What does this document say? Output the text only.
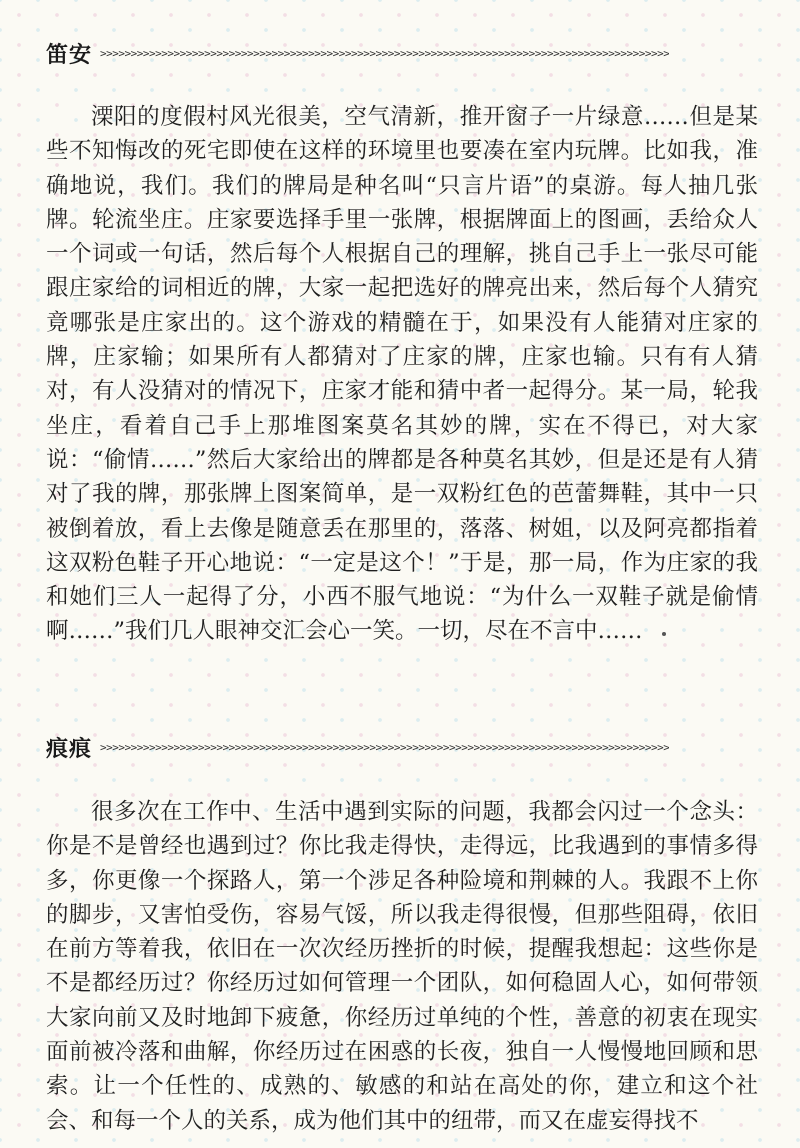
笛安 >>>>>>>>>>>>>>>>>>>>>>>>>>>>>>>>>>>>>>>>>>>>>>>>>>>>>>>>>>>>>>>>>>>>>>>>>>>>>>>>>>>>>>>>>>>>>

溧阳的度假村风光很美，空气清新，推开窗子一片绿意……但是某些不知悔改的死宅即使在这样的环境里也要凑在室内玩牌。比如我，准确地说，我们。我们的牌局是种名叫“只言片语”的桌游。每人抽几张牌。轮流坐庄。庄家要选择手里一张牌，根据牌面上的图画，丢给众人一个词或一句话，然后每个人根据自己的理解，挑自己手上一张尽可能跟庄家给的词相近的牌，大家一起把选好的牌亮出来，然后每个人猜究竟哪张是庄家出的。这个游戏的精髓在于，如果没有人能猜对庄家的牌，庄家输；如果所有人都猜对了庄家的牌，庄家也输。只有有人猜对，有人没猜对的情况下，庄家才能和猜中者一起得分。某一局，轮我坐庄，看着自己手上那堆图案莫名其妙的牌，实在不得已，对大家说：“偷情……”然后大家给出的牌都是各种莫名其妙，但是还是有人猜对了我的牌，那张牌上图案简单，是一双粉红色的芭蕾舞鞋，其中一只被倒着放，看上去像是随意丢在那里的，落落、树姐，以及阿亮都指着这双粉色鞋子开心地说：“一定是这个！”于是，那一局，作为庄家的我和她们三人一起得了分，小西不服气地说：“为什么一双鞋子就是偷情啊……”我们几人眼神交汇会心一笑。一切，尽在不言中……

痕痕 >>>>>>>>>>>>>>>>>>>>>>>>>>>>>>>>>>>>>>>>>>>>>>>>>>>>>>>>>>>>>>>>>>>>>>>>>>>>>>>>>>>>>>>>>>>>>

很多次在工作中、生活中遇到实际的问题，我都会闪过一个念头：你是不是曾经也遇到过？你比我走得快，走得远，比我遇到的事情多得多，你更像一个探路人，第一个涉足各种险境和荆棘的人。我跟不上你的脚步，又害怕受伤，容易气馁，所以我走得很慢，但那些阻碍，依旧在前方等着我，依旧在一次次经历挫折的时候，提醒我想起：这些你是不是都经历过？你经历过如何管理一个团队，如何稳固人心，如何带领大家向前又及时地卸下疲惫，你经历过单纯的个性，善意的初衷在现实面前被冷落和曲解，你经历过在困惑的长夜，独自一人慢慢地回顾和思索。让一个任性的、成熟的、敏感的和站在高处的你，建立和这个社会、和每一个人的关系，成为他们其中的纽带，而又在虚妄得找不
